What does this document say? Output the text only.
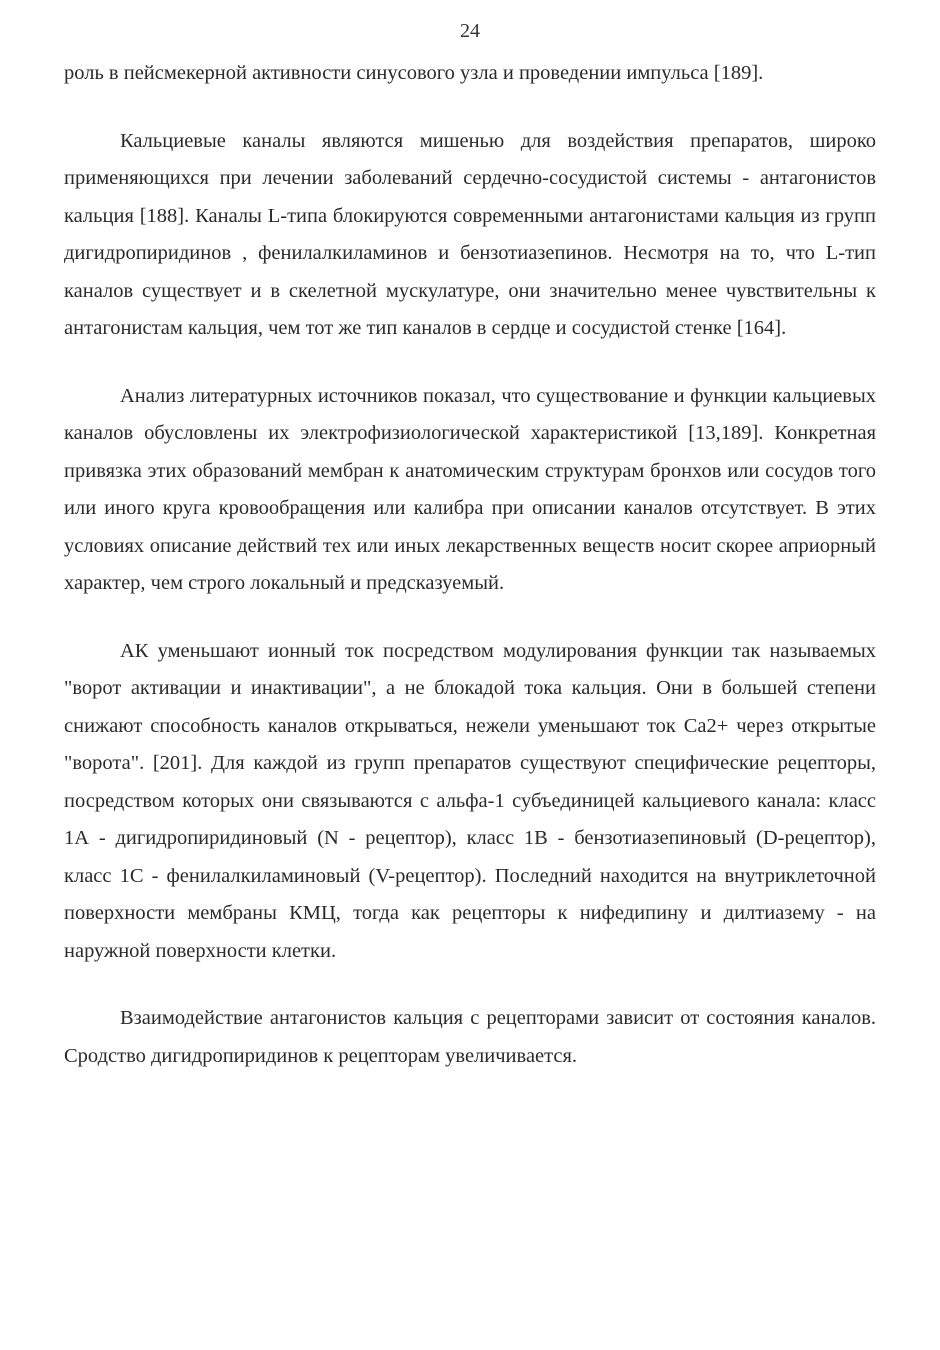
24

роль в пейсмекерной активности синусового узла и проведении импульса [189].

Кальциевые каналы являются мишенью для воздействия препаратов, широко применяющихся при лечении заболеваний сердечно-сосудистой системы - антагонистов кальция [188]. Каналы L-типа блокируются современными антагонистами кальция из групп дигидропиридинов , фенилалкиламинов и бензотиазепинов. Несмотря на то, что L-тип каналов существует и в скелетной мускулатуре, они значительно менее чувствительны к антагонистам кальция, чем тот же тип каналов в сердце и сосудистой стенке [164].

Анализ литературных источников показал, что существование и функции кальциевых каналов обусловлены их электрофизиологической характеристикой [13,189]. Конкретная привязка этих образований мембран к анатомическим структурам бронхов или сосудов того или иного круга кровообращения или калибра при описании каналов отсутствует. В этих условиях описание действий тех или иных лекарственных веществ носит скорее априорный характер, чем строго локальный и предсказуемый.

АК уменьшают ионный ток посредством модулирования функции так называемых "ворот активации и инактивации", а не блокадой тока кальция. Они в большей степени снижают способность каналов открываться, нежели уменьшают ток Ca2+ через открытые "ворота". [201]. Для каждой из групп препаратов существуют специфические рецепторы, посредством которых они связываются с альфа-1 субъединицей кальциевого канала: класс 1А - дигидропиридиновый (N - рецептор), класс 1В - бензотиазепиновый (D-рецептор), класс 1С - фенилалкиламиновый (V-рецептор). Последний находится на внутриклеточной поверхности мембраны КМЦ, тогда как рецепторы к нифедипину и дилтиазему - на наружной поверхности клетки.

Взаимодействие антагонистов кальция с рецепторами зависит от состояния каналов. Сродство дигидропиридинов к рецепторам увеличивается.
